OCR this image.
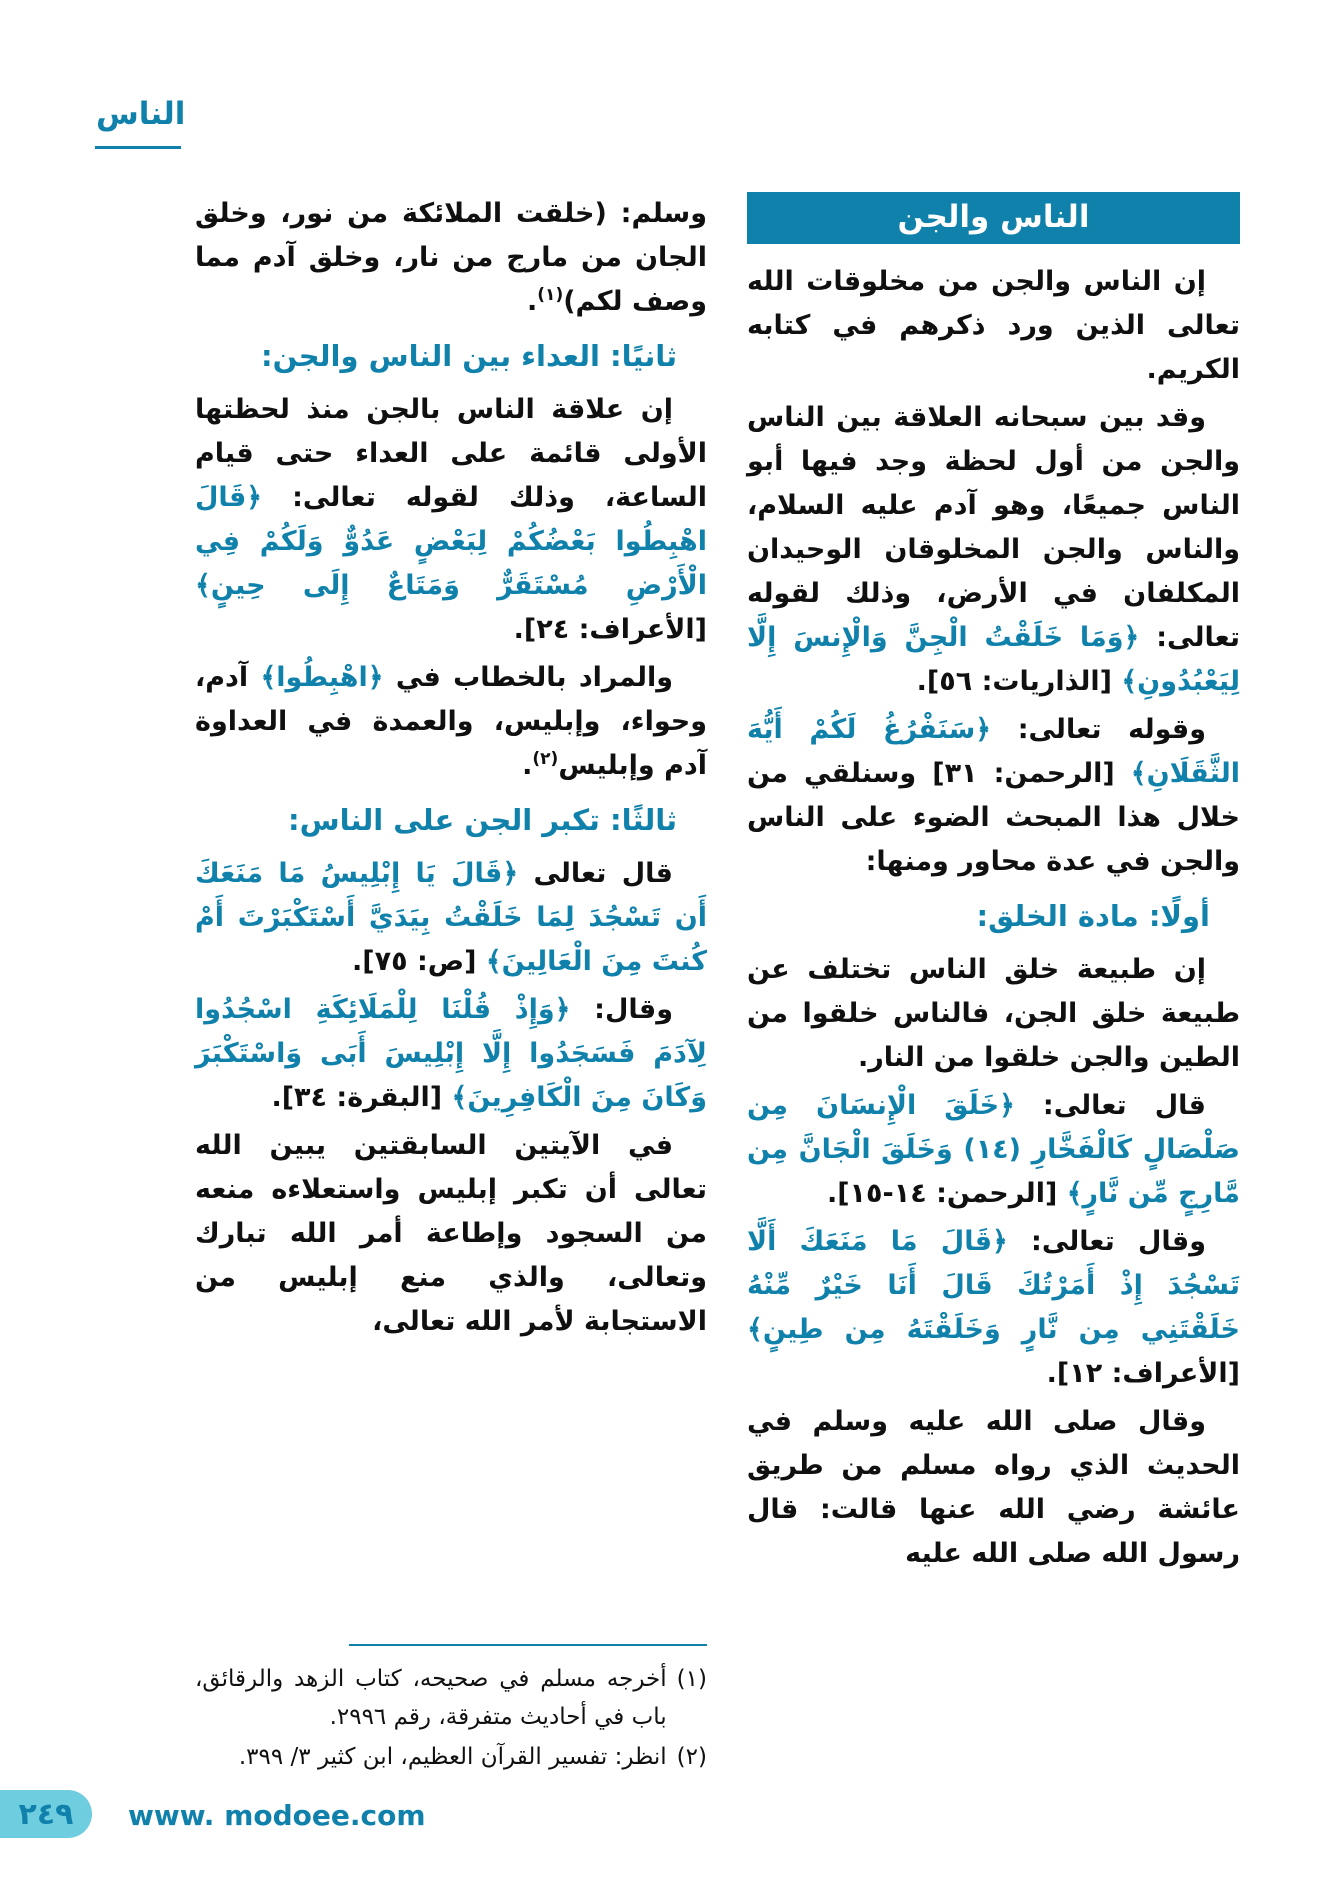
الناس
الناس والجن

إن الناس والجن من مخلوقات الله تعالى الذين ورد ذكرهم في كتابه الكريم.

وقد بين سبحانه العلاقة بين الناس والجن من أول لحظة وجد فيها أبو الناس جميعًا، وهو آدم عليه السلام، والناس والجن المخلوقان الوحيدان المكلفان في الأرض، وذلك لقوله تعالى: ﴿وَمَا خَلَقْتُ الْجِنَّ وَالْإِنسَ إِلَّا لِيَعْبُدُونِ﴾ [الذاريات: ٥٦].

وقوله تعالى: ﴿سَنَفْرُغُ لَكُمْ أَيُّهَ الثَّقَلَانِ﴾ [الرحمن: ٣١] وسنلقي من خلال هذا المبحث الضوء على الناس والجن في عدة محاور ومنها:

أولًا: مادة الخلق:

إن طبيعة خلق الناس تختلف عن طبيعة خلق الجن، فالناس خلقوا من الطين والجن خلقوا من النار.

قال تعالى: ﴿خَلَقَ الْإِنسَانَ مِن صَلْصَالٍ كَالْفَخَّارِ (١٤) وَخَلَقَ الْجَانَّ مِن مَّارِجٍ مِّن نَّارٍ﴾ [الرحمن: ١٤-١٥].

وقال تعالى: ﴿قَالَ مَا مَنَعَكَ أَلَّا تَسْجُدَ إِذْ أَمَرْتُكَ قَالَ أَنَا خَيْرٌ مِّنْهُ خَلَقْتَنِي مِن نَّارٍ وَخَلَقْتَهُ مِن طِينٍ﴾ [الأعراف: ١٢].

وقال صلى الله عليه وسلم في الحديث الذي رواه مسلم من طريق عائشة رضي الله عنها قالت: قال رسول الله صلى الله عليه

وسلم: (خلقت الملائكة من نور، وخلق الجان من مارج من نار، وخلق آدم مما وصف لكم)$^{(١)}$.

ثانيًا: العداء بين الناس والجن:

إن علاقة الناس بالجن منذ لحظتها الأولى قائمة على العداء حتى قيام الساعة، وذلك لقوله تعالى: ﴿قَالَ اهْبِطُوا بَعْضُكُمْ لِبَعْضٍ عَدُوٌّ وَلَكُمْ فِي الْأَرْضِ مُسْتَقَرٌّ وَمَتَاعٌ إِلَى حِينٍ﴾ [الأعراف: ٢٤].

والمراد بالخطاب في ﴿اهْبِطُوا﴾ آدم، وحواء، وإبليس، والعمدة في العداوة آدم وإبليس$^{(٢)}$.

ثالثًا: تكبر الجن على الناس:

قال تعالى ﴿قَالَ يَا إِبْلِيسُ مَا مَنَعَكَ أَن تَسْجُدَ لِمَا خَلَقْتُ بِيَدَيَّ أَسْتَكْبَرْتَ أَمْ كُنتَ مِنَ الْعَالِينَ﴾ [ص: ٧٥].

وقال: ﴿وَإِذْ قُلْنَا لِلْمَلَائِكَةِ اسْجُدُوا لِآدَمَ فَسَجَدُوا إِلَّا إِبْلِيسَ أَبَى وَاسْتَكْبَرَ وَكَانَ مِنَ الْكَافِرِينَ﴾ [البقرة: ٣٤].

في الآيتين السابقتين يبين الله تعالى أن تكبر إبليس واستعلاءه منعه من السجود وإطاعة أمر الله تبارك وتعالى، والذي منع إبليس من الاستجابة لأمر الله تعالى،

(١)
أخرجه مسلم في صحيحه، كتاب الزهد والرقائق، باب في أحاديث متفرقة، رقم ٢٩٩٦.
(٢)
انظر: تفسير القرآن العظيم، ابن كثير ٣/ ٣٩٩.
٢٤٩ www. modoee.com
